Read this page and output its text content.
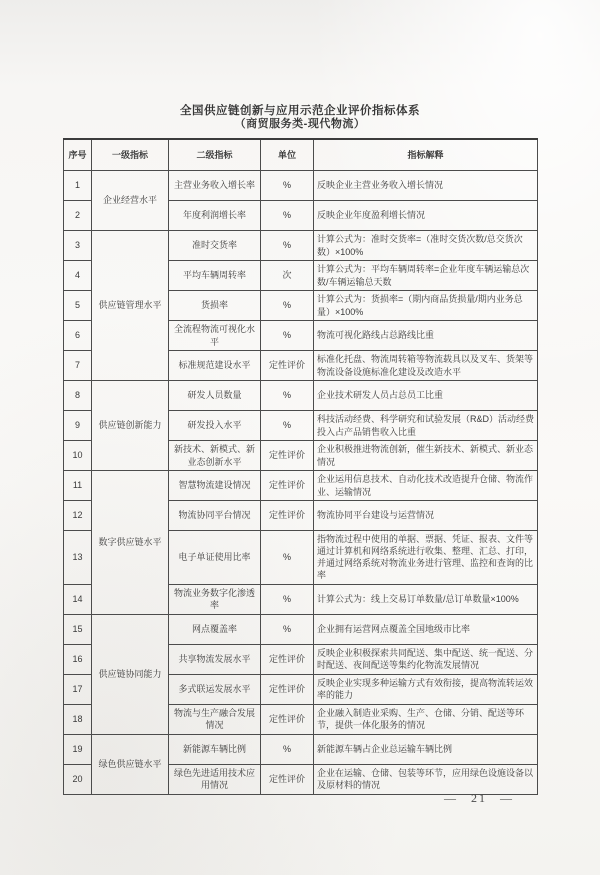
全国供应链创新与应用示范企业评价指标体系
（商贸服务类-现代物流）
序号	一级指标	二级指标	单位	指标解释
1	企业经营水平	主营业务收入增长率	%	反映企业主营业务收入增长情况
2		年度利润增长率	%	反映企业年度盈利增长情况
3	供应链管理水平	准时交货率	%	计算公式为：准时交货率=（准时交货次数/总交货次数）×100%
4		平均车辆周转率	次	计算公式为：平均车辆周转率=企业年度车辆运输总次数/车辆运输总天数
5		货损率	%	计算公式为：货损率=（期内商品货损量/期内业务总量）×100%
6		全流程物流可视化水平	%	物流可视化路线占总路线比重
7		标准规范建设水平	定性评价	标准化托盘、物流周转箱等物流载具以及叉车、货架等物流设备设施标准化建设及改造水平
8	供应链创新能力	研发人员数量	%	企业技术研发人员占总员工比重
9		研发投入水平	%	科技活动经费、科学研究和试验发展（R&D）活动经费投入占产品销售收入比重
10		新技术、新模式、新业态创新水平	定性评价	企业积极推进物流创新，催生新技术、新模式、新业态情况
11	数字供应链水平	智慧物流建设情况	定性评价	企业运用信息技术、自动化技术改造提升仓储、物流作业、运输情况
12		物流协同平台情况	定性评价	物流协同平台建设与运营情况
13		电子单证使用比率	%	指物流过程中使用的单据、票据、凭证、报表、文件等通过计算机和网络系统进行收集、整理、汇总、打印，并通过网络系统对物流业务进行管理、监控和查询的比率
14		物流业务数字化渗透率	%	计算公式为：线上交易订单数量/总订单数量×100%
15	供应链协同能力	网点覆盖率	%	企业拥有运营网点覆盖全国地级市比率
16		共享物流发展水平	定性评价	反映企业积极探索共同配送、集中配送、统一配送、分时配送、夜间配送等集约化物流发展情况
17		多式联运发展水平	定性评价	反映企业实现多种运输方式有效衔接，提高物流转运效率的能力
18		物流与生产融合发展情况	定性评价	企业融入制造业采购、生产、仓储、分销、配送等环节，提供一体化服务的情况
19	绿色供应链水平	新能源车辆比例	%	新能源车辆占企业总运输车辆比例
20		绿色先进适用技术应用情况	定性评价	企业在运输、仓储、包装等环节，应用绿色设施设备以及原材料的情况
— 21 —
